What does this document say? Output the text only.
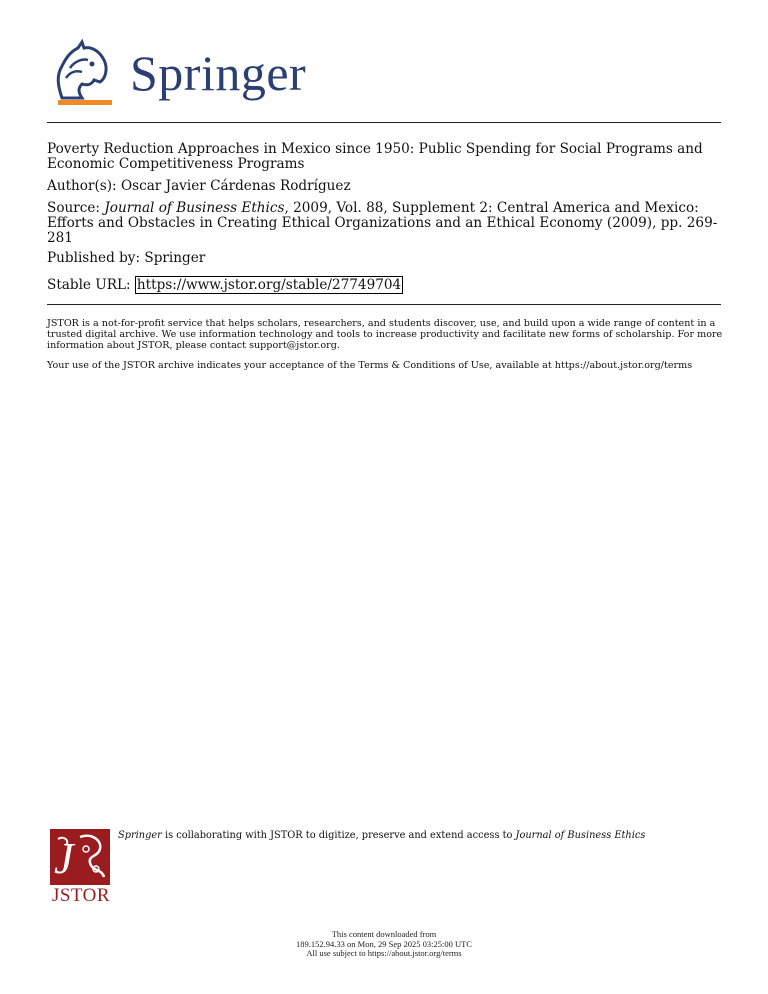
Springer
Poverty Reduction Approaches in Mexico since 1950: Public Spending for Social Programs and Economic Competitiveness Programs
Author(s): Oscar Javier Cárdenas Rodríguez
Source: Journal of Business Ethics, 2009, Vol. 88, Supplement 2: Central America and Mexico: Efforts and Obstacles in Creating Ethical Organizations and an Ethical Economy (2009), pp. 269-281
Published by: Springer
Stable URL: https://www.jstor.org/stable/27749704
JSTOR is a not-for-profit service that helps scholars, researchers, and students discover, use, and build upon a wide range of content in a trusted digital archive. We use information technology and tools to increase productivity and facilitate new forms of scholarship. For more information about JSTOR, please contact support@jstor.org.
Your use of the JSTOR archive indicates your acceptance of the Terms & Conditions of Use, available at https://about.jstor.org/terms
J
JSTOR
Springer is collaborating with JSTOR to digitize, preserve and extend access to Journal of Business Ethics
This content downloaded from
189.152.94.33 on Mon, 29 Sep 2025 03:25:00 UTC
All use subject to https://about.jstor.org/terms
